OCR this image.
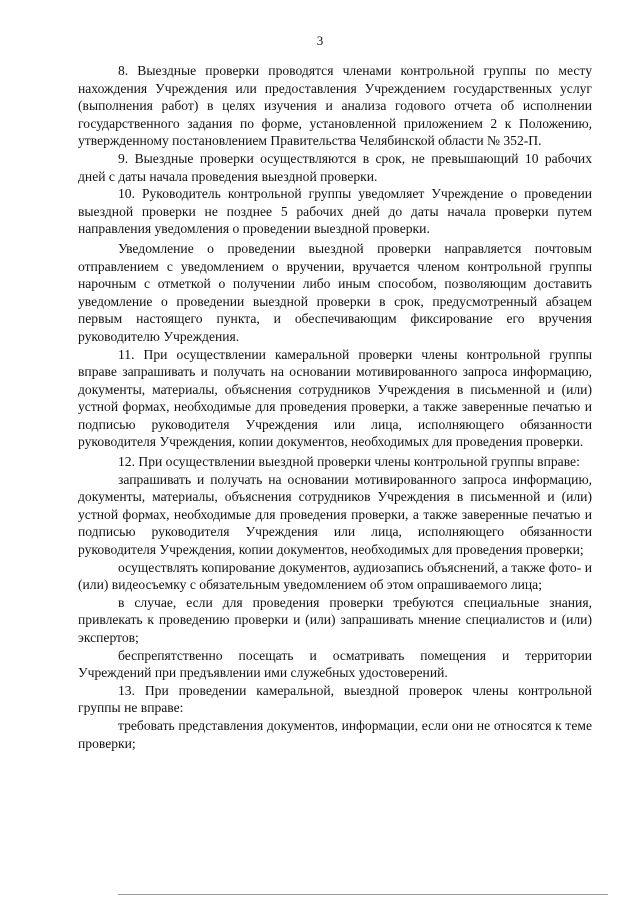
3

8. Выездные проверки проводятся членами контрольной группы по месту нахождения Учреждения или предоставления Учреждением государственных услуг (выполнения работ) в целях изучения и анализа годового отчета об исполнении государственного задания по форме, установленной приложением 2 к Положению, утвержденному постановлением Правительства Челябинской области № 352-П.

9. Выездные проверки осуществляются в срок, не превышающий 10 рабочих дней с даты начала проведения выездной проверки.

10. Руководитель контрольной группы уведомляет Учреждение о проведении выездной проверки не позднее 5 рабочих дней до даты начала проверки путем направления уведомления о проведении выездной проверки.

Уведомление о проведении выездной проверки направляется почтовым отправлением с уведомлением о вручении, вручается членом контрольной группы нарочным с отметкой о получении либо иным способом, позволяющим доставить уведомление о проведении выездной проверки в срок, предусмотренный абзацем первым настоящего пункта, и обеспечивающим фиксирование его вручения руководителю Учреждения.

11. При осуществлении камеральной проверки члены контрольной группы вправе запрашивать и получать на основании мотивированного запроса информацию, документы, материалы, объяснения сотрудников Учреждения в письменной и (или) устной формах, необходимые для проведения проверки, а также заверенные печатью и подписью руководителя Учреждения или лица, исполняющего обязанности руководителя Учреждения, копии документов, необходимых для проведения проверки.

12. При осуществлении выездной проверки члены контрольной группы вправе:

запрашивать и получать на основании мотивированного запроса информацию, документы, материалы, объяснения сотрудников Учреждения в письменной и (или) устной формах, необходимые для проведения проверки, а также заверенные печатью и подписью руководителя Учреждения или лица, исполняющего обязанности руководителя Учреждения, копии документов, необходимых для проведения проверки;

осуществлять копирование документов, аудиозапись объяснений, а также фото- и (или) видеосъемку с обязательным уведомлением об этом опрашиваемого лица;

в случае, если для проведения проверки требуются специальные знания, привлекать к проведению проверки и (или) запрашивать мнение специалистов и (или) экспертов;

беспрепятственно посещать и осматривать помещения и территории Учреждений при предъявлении ими служебных удостоверений.

13. При проведении камеральной, выездной проверок члены контрольной группы не вправе:

требовать представления документов, информации, если они не относятся к теме проверки;
